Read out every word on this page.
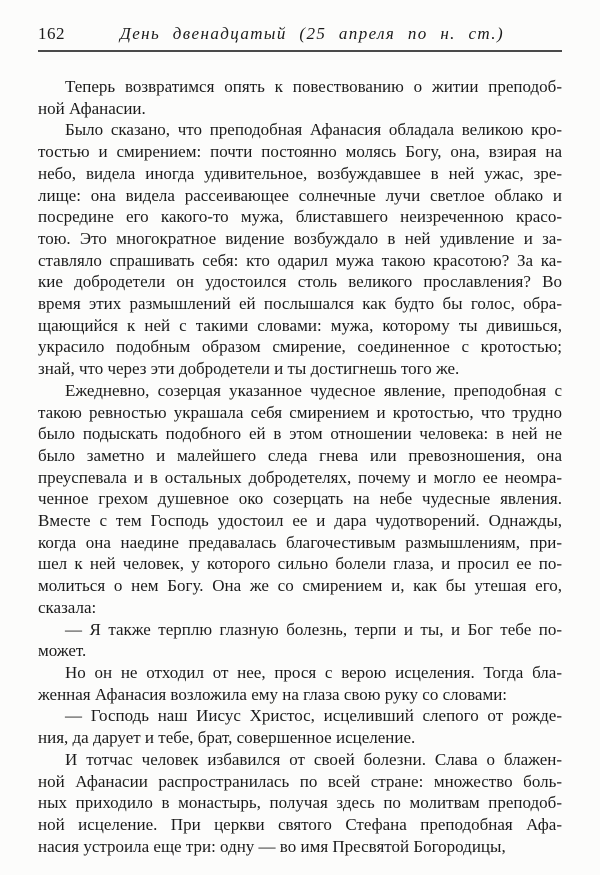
162	День двенадцатый (25 апреля по н. ст.)
Теперь возвратимся опять к повествованию о житии преподоб-
ной Афанасии.
Было сказано, что преподобная Афанасия обладала великою кро-
тостью и смирением: почти постоянно молясь Богу, она, взирая на
небо, видела иногда удивительное, возбуждавшее в ней ужас, зре-
лище: она видела рассеивающее солнечные лучи светлое облако и
посредине его какого-то мужа, блиставшего неизреченною красо-
тою. Это многократное видение возбуждало в ней удивление и за-
ставляло спрашивать себя: кто одарил мужа такою красотою? За ка-
кие добродетели он удостоился столь великого прославления? Во
время этих размышлений ей послышался как будто бы голос, обра-
щающийся к ней с такими словами: мужа, которому ты дивишься,
украсило подобным образом смирение, соединенное с кротостью;
знай, что через эти добродетели и ты достигнешь того же.
Ежедневно, созерцая указанное чудесное явление, преподобная с
такою ревностью украшала себя смирением и кротостью, что трудно
было подыскать подобного ей в этом отношении человека: в ней не
было заметно и малейшего следа гнева или превозношения, она
преуспевала и в остальных добродетелях, почему и могло ее неомра-
ченное грехом душевное око созерцать на небе чудесные явления.
Вместе с тем Господь удостоил ее и дара чудотворений. Однажды,
когда она наедине предавалась благочестивым размышлениям, при-
шел к ней человек, у которого сильно болели глаза, и просил ее по-
молиться о нем Богу. Она же со смирением и, как бы утешая его,
сказала:
— Я также терплю глазную болезнь, терпи и ты, и Бог тебе по-
может.
Но он не отходил от нее, прося с верою исцеления. Тогда бла-
женная Афанасия возложила ему на глаза свою руку со словами:
— Господь наш Иисус Христос, исцеливший слепого от рожде-
ния, да дарует и тебе, брат, совершенное исцеление.
И тотчас человек избавился от своей болезни. Слава о блажен-
ной Афанасии распространилась по всей стране: множество боль-
ных приходило в монастырь, получая здесь по молитвам преподоб-
ной исцеление. При церкви святого Стефана преподобная Афа-
насия устроила еще три: одну — во имя Пресвятой Богородицы,
